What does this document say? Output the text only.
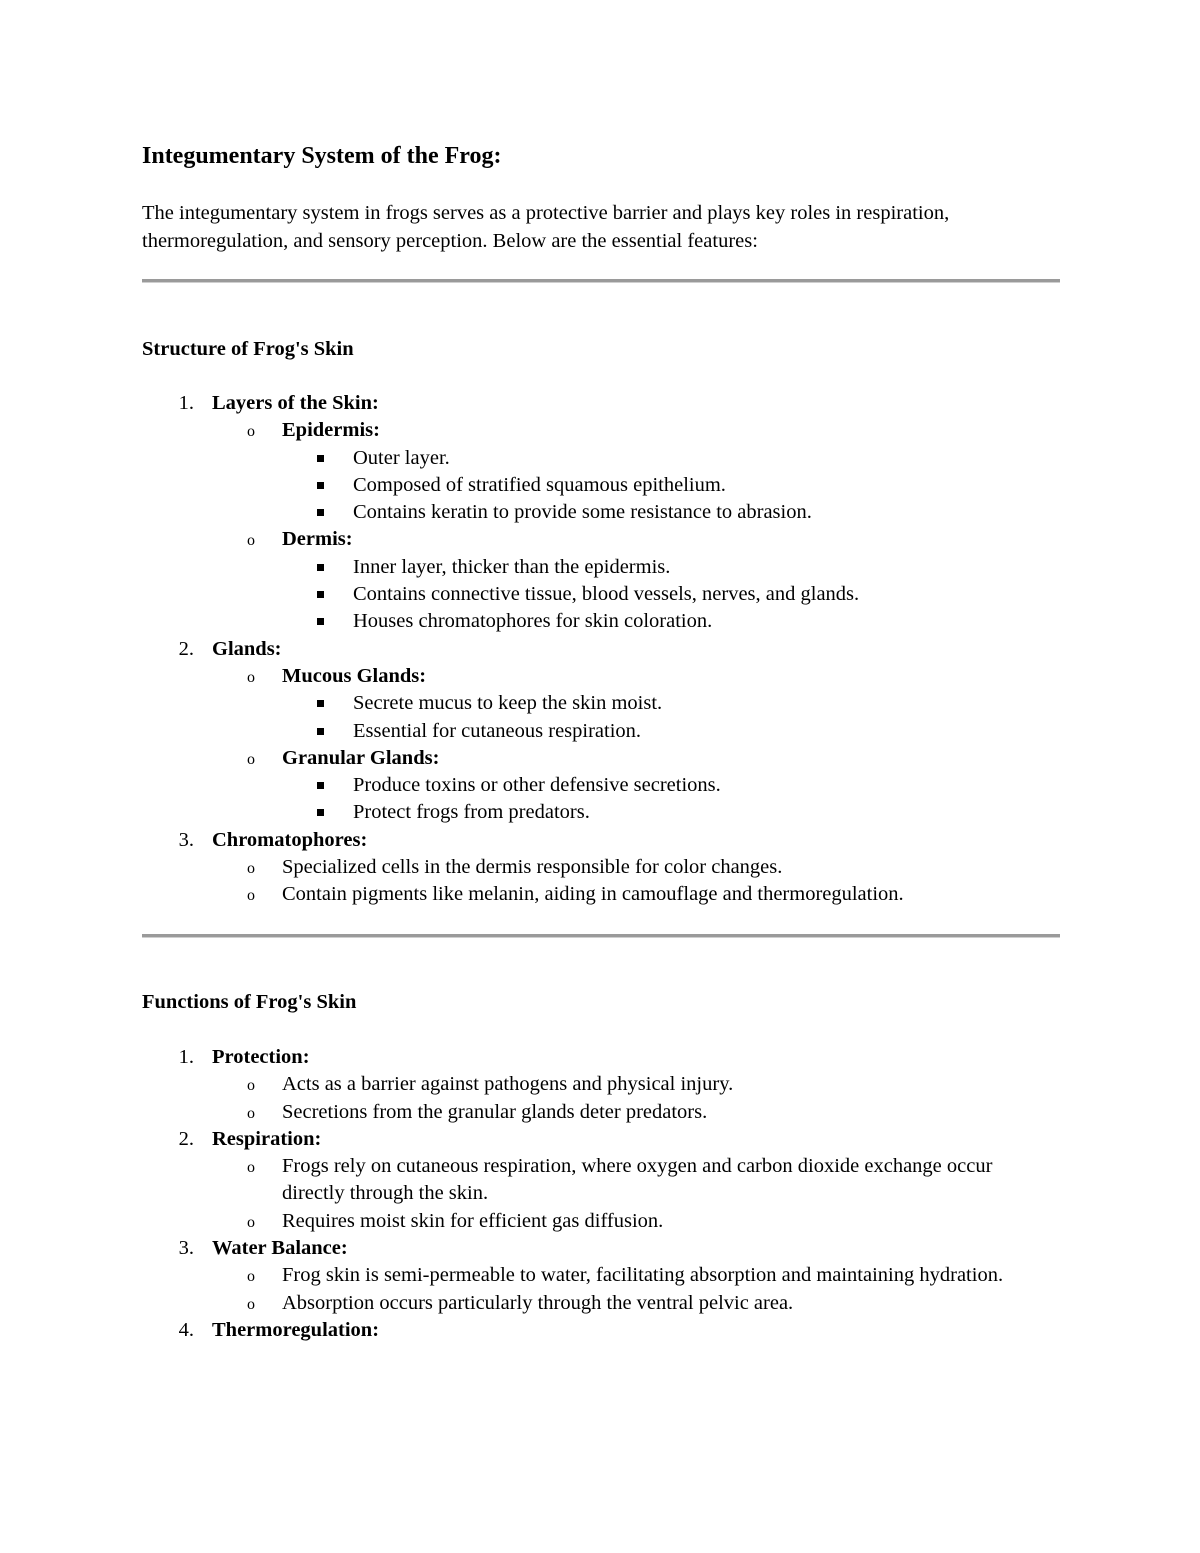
Integumentary System of the Frog:
The integumentary system in frogs serves as a protective barrier and plays key roles in respiration, thermoregulation, and sensory perception. Below are the essential features:
Structure of Frog's Skin
1. Layers of the Skin:
o Epidermis:
Outer layer.
Composed of stratified squamous epithelium.
Contains keratin to provide some resistance to abrasion.
o Dermis:
Inner layer, thicker than the epidermis.
Contains connective tissue, blood vessels, nerves, and glands.
Houses chromatophores for skin coloration.
2. Glands:
o Mucous Glands:
Secrete mucus to keep the skin moist.
Essential for cutaneous respiration.
o Granular Glands:
Produce toxins or other defensive secretions.
Protect frogs from predators.
3. Chromatophores:
o Specialized cells in the dermis responsible for color changes.
o Contain pigments like melanin, aiding in camouflage and thermoregulation.
Functions of Frog's Skin
1. Protection:
o Acts as a barrier against pathogens and physical injury.
o Secretions from the granular glands deter predators.
2. Respiration:
o Frogs rely on cutaneous respiration, where oxygen and carbon dioxide exchange occur directly through the skin.
o Requires moist skin for efficient gas diffusion.
3. Water Balance:
o Frog skin is semi-permeable to water, facilitating absorption and maintaining hydration.
o Absorption occurs particularly through the ventral pelvic area.
4. Thermoregulation:
